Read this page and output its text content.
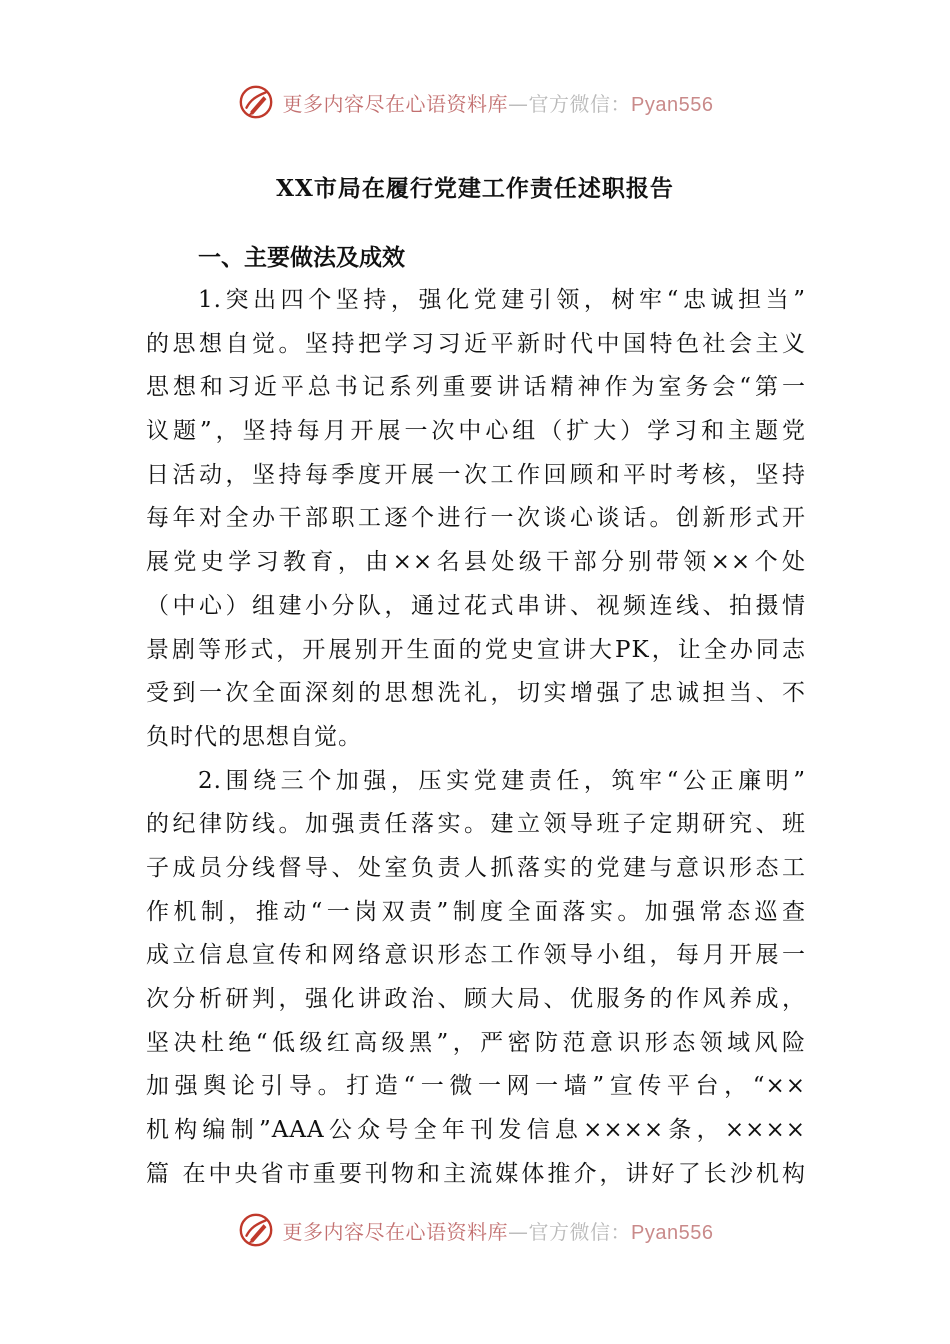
更多内容尽在心语资料库—官方微信：Pyan556
XX市局在履行党建工作责任述职报告
一、主要做法及成效
1.突出四个坚持，强化党建引领，树牢“忠诚担当”
的思想自觉。坚持把学习习近平新时代中国特色社会主义
思想和习近平总书记系列重要讲话精神作为室务会“第一
议题”，坚持每月开展一次中心组（扩大）学习和主题党
日活动，坚持每季度开展一次工作回顾和平时考核，坚持
每年对全办干部职工逐个进行一次谈心谈话。创新形式开
展党史学习教育，由××名县处级干部分别带领××个处
（中心）组建小分队，通过花式串讲、视频连线、拍摄情
景剧等形式，开展别开生面的党史宣讲大PK，让全办同志
受到一次全面深刻的思想洗礼，切实增强了忠诚担当、不
负时代的思想自觉。
2.围绕三个加强，压实党建责任，筑牢“公正廉明”
的纪律防线。加强责任落实。建立领导班子定期研究、班
子成员分线督导、处室负责人抓落实的党建与意识形态工
作机制，推动“一岗双责”制度全面落实。加强常态巡查
成立信息宣传和网络意识形态工作领导小组，每月开展一
次分析研判，强化讲政治、顾大局、优服务的作风养成，
坚决杜绝“低级红高级黑”，严密防范意识形态领域风险
加强舆论引导。打造“一微一网一墙”宣传平台，“××
机构编制”AAA公众号全年刊发信息××××条，××××
篇 在中央省市重要刊物和主流媒体推介，讲好了长沙机构
更多内容尽在心语资料库—官方微信：Pyan556
